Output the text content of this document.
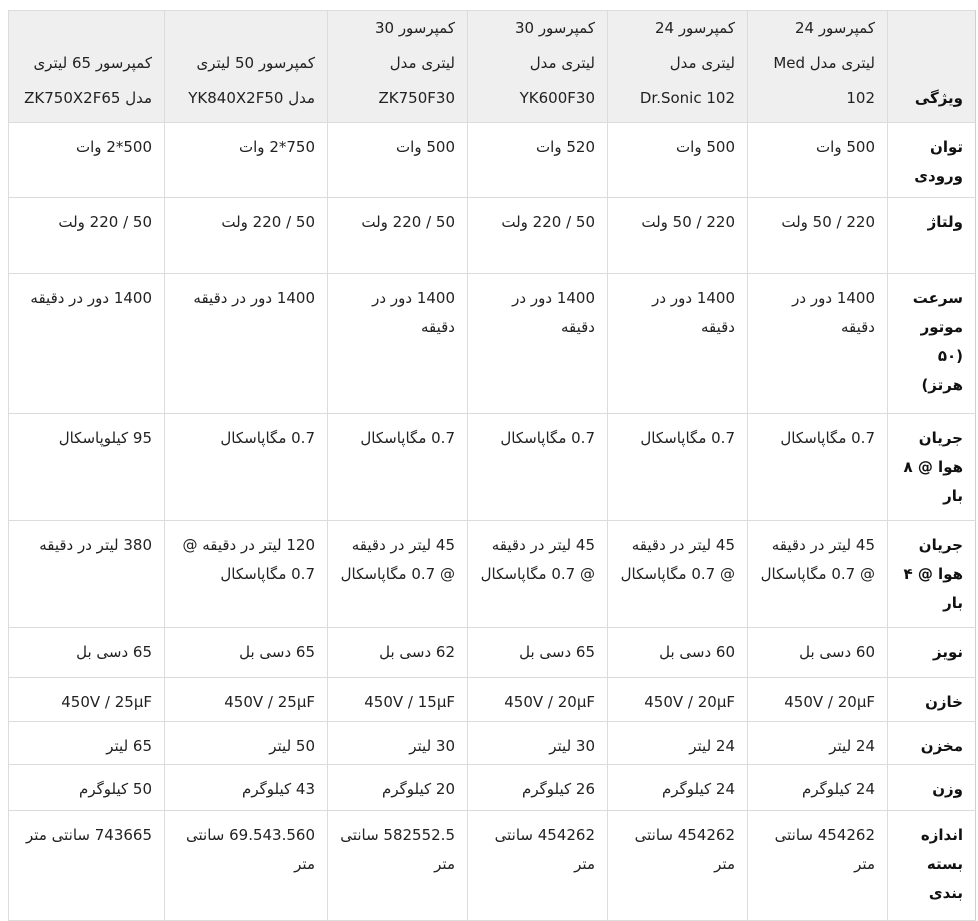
ویژگی	کمپرسور 24 لیتری مدل Med 102	کمپرسور 24 لیتری مدل Dr.Sonic 102	کمپرسور 30 لیتری مدل YK600F30	کمپرسور 30 لیتری مدل ZK750F30	کمپرسور 50 لیتری مدل YK840X2F50	کمپرسور 65 لیتری مدل ZK750X2F65
توان ورودی	500 وات	500 وات	520 وات	500 وات	750*2 وات	500*2 وات
ولتاژ	220 / 50 ولت	220 / 50 ولت	50 / 220 ولت	50 / 220 ولت	50 / 220 ولت	50 / 220 ولت
سرعت موتور (۵۰ هرتز)	1400 دور در دقیقه	1400 دور در دقیقه	1400 دور در دقیقه	1400 دور در دقیقه	1400 دور در دقیقه	1400 دور در دقیقه
جریان هوا @ ۸ بار	0.7 مگاپاسکال	0.7 مگاپاسکال	0.7 مگاپاسکال	0.7 مگاپاسکال	0.7 مگاپاسکال	95 کیلوپاسکال
جریان هوا @ ۴ بار	45 لیتر در دقیقه @ 0.7 مگاپاسکال	45 لیتر در دقیقه @ 0.7 مگاپاسکال	45 لیتر در دقیقه @ 0.7 مگاپاسکال	45 لیتر در دقیقه @ 0.7 مگاپاسکال	120 لیتر در دقیقه @ 0.7 مگاپاسکال	380 لیتر در دقیقه
نویز	60 دسی بل	60 دسی بل	65 دسی بل	62 دسی بل	65 دسی بل	65 دسی بل
خازن	450V / 20μF	450V / 20μF	450V / 20μF	450V / 15μF	450V / 25μF	450V / 25μF
مخزن	24 لیتر	24 لیتر	30 لیتر	30 لیتر	50 لیتر	65 لیتر
وزن	24 کیلوگرم	24 کیلوگرم	26 کیلوگرم	20 کیلوگرم	43 کیلوگرم	50 کیلوگرم
اندازه بسته بندی	454262 سانتی متر	454262 سانتی متر	454262 سانتی متر	582552.5 سانتی متر	69.543.560 سانتی متر	743665 سانتی متر
